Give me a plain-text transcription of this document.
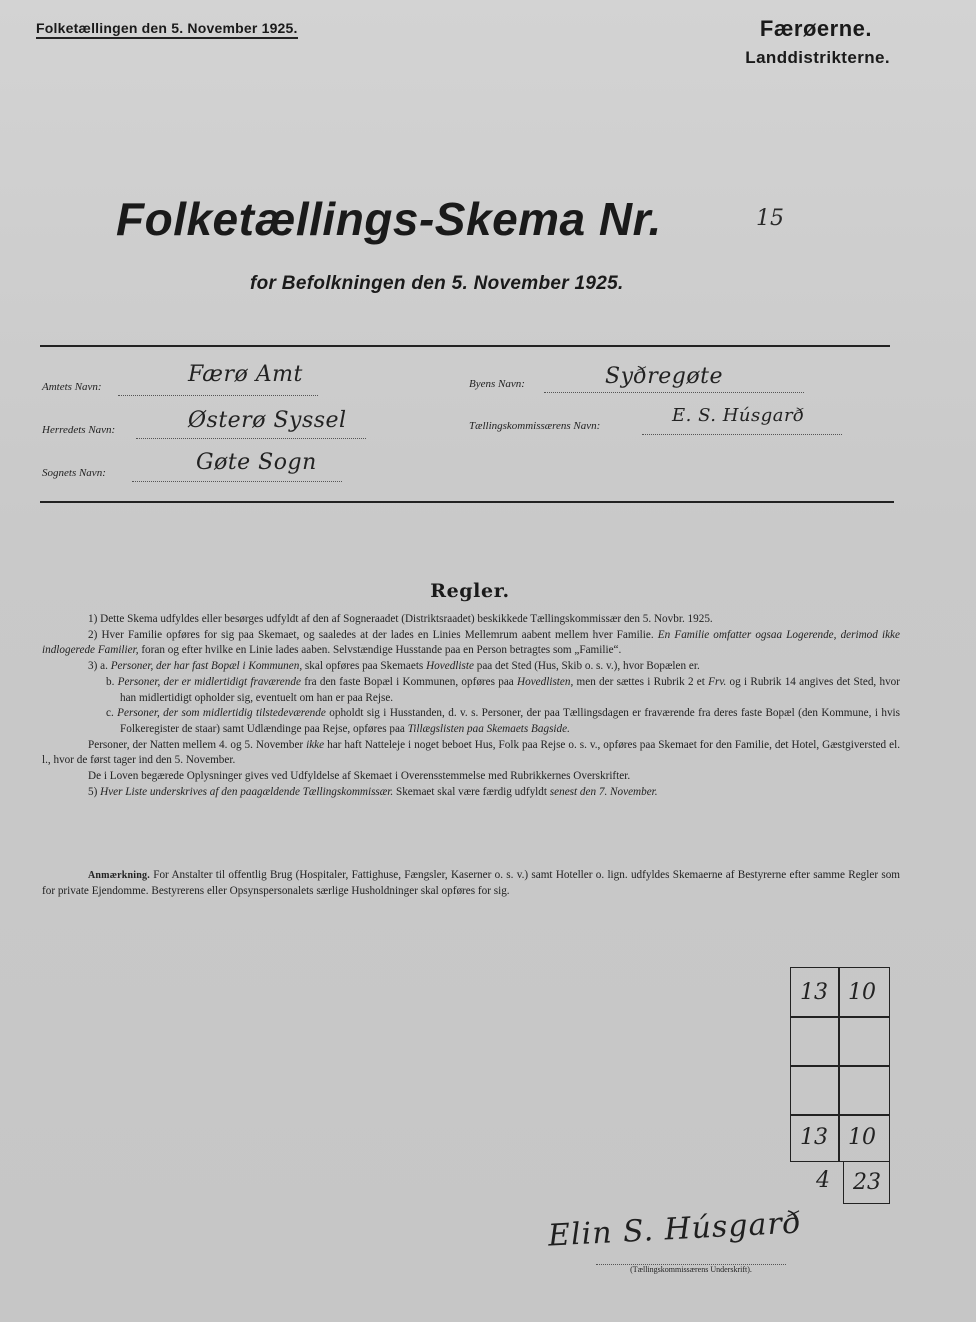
Folketællingen den 5. November 1925.	Færøerne.
Landdistrikterne.
Folketællings-Skema Nr.	15
for Befolkningen den 5. November 1925.
Amtets Navn:	Færø Amt
Herredets Navn:	Østerø Syssel
Sognets Navn:	Gøte Sogn
Byens Navn:	Syðregøte
Tællingskommissærens Navn:	E. S. Húsgarð
Regler.

1) Dette Skema udfyldes eller besørges udfyldt af den af Sogneraadet (Distriktsraadet) beskikkede Tællingskommissær den 5. Novbr. 1925.

2) Hver Familie opføres for sig paa Skemaet, og saaledes at der lades en Linies Mellemrum aabent mellem hver Familie. En Familie omfatter ogsaa Logerende, derimod ikke indlogerede Familier, foran og efter hvilke en Linie lades aaben. Selvstændige Husstande paa en Person betragtes som „Familie“.

3) a. Personer, der har fast Bopæl i Kommunen, skal opføres paa Skemaets Hovedliste paa det Sted (Hus, Skib o. s. v.), hvor Bopælen er.

b. Personer, der er midlertidigt fraværende fra den faste Bopæl i Kommunen, opføres paa Hovedlisten, men der sættes i Rubrik 2 et Frv. og i Rubrik 14 angives det Sted, hvor han midlertidigt opholder sig, eventuelt om han er paa Rejse.

c. Personer, der som midlertidig tilstedeværende opholdt sig i Husstanden, d. v. s. Personer, der paa Tællingsdagen er fraværende fra deres faste Bopæl (den Kommune, i hvis Folkeregister de staar) samt Udlændinge paa Rejse, opføres paa Tillægslisten paa Skemaets Bagside.

Personer, der Natten mellem 4. og 5. November ikke har haft Natteleje i noget beboet Hus, Folk paa Rejse o. s. v., opføres paa Skemaet for den Familie, det Hotel, Gæstgiversted el. l., hvor de først tager ind den 5. November.

De i Loven begærede Oplysninger gives ved Udfyldelse af Skemaet i Overensstemmelse med Rubrikkernes Overskrifter.

5) Hver Liste underskrives af den paagældende Tællingskommissær. Skemaet skal være færdig udfyldt senest den 7. November.

Anmærkning. For Anstalter til offentlig Brug (Hospitaler, Fattighuse, Fængsler, Kaserner o. s. v.) samt Hoteller o. lign. udfyldes Skemaerne af Bestyrerne efter samme Regler som for private Ejendomme. Bestyrerens eller Opsynspersonalets særlige Husholdninger skal opføres for sig.
13 10
13 10
4	23
Elin S. Húsgarð
(Tællingskommissærens Underskrift).
